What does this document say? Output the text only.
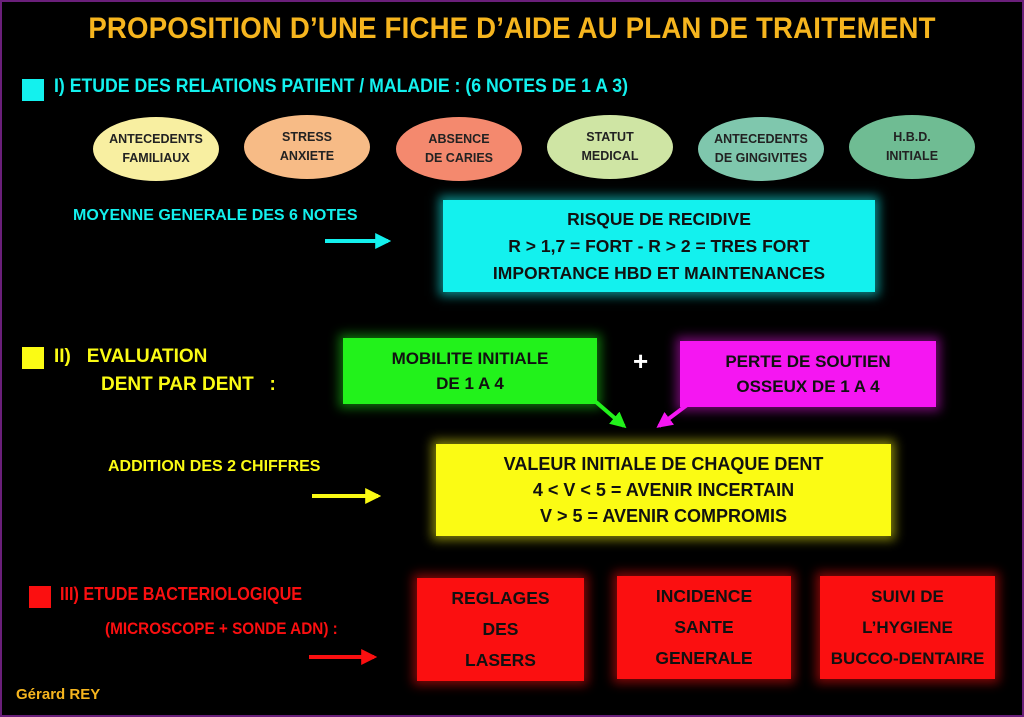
PROPOSITION D’UNE FICHE D’AIDE AU PLAN DE TRAITEMENT
I) ETUDE DES RELATIONS PATIENT / MALADIE : (6 NOTES DE 1 A 3)
ANTECEDENTS
FAMILIAUX
STRESS
ANXIETE
ABSENCE
DE CARIES
STATUT
MEDICAL
ANTECEDENTS
DE GINGIVITES
H.B.D.
INITIALE
MOYENNE GENERALE DES 6 NOTES	RISQUE DE RECIDIVE
R > 1,7 = FORT - R > 2 = TRES FORT
IMPORTANCE HBD ET MAINTENANCES
II)   EVALUATION
DENT PAR DENT   :
MOBILITE INITIALE
DE 1 A 4
+	PERTE DE SOUTIEN
OSSEUX DE 1 A 4
ADDITION DES 2 CHIFFRES	VALEUR INITIALE DE CHAQUE DENT
4 < V < 5 = AVENIR INCERTAIN
V > 5 = AVENIR COMPROMIS
III) ETUDE BACTERIOLOGIQUE
(MICROSCOPE + SONDE ADN) :
REGLAGES
DES
LASERS
INCIDENCE
SANTE
GENERALE
SUIVI DE
L’HYGIENE
BUCCO-DENTAIRE
Gérard REY
